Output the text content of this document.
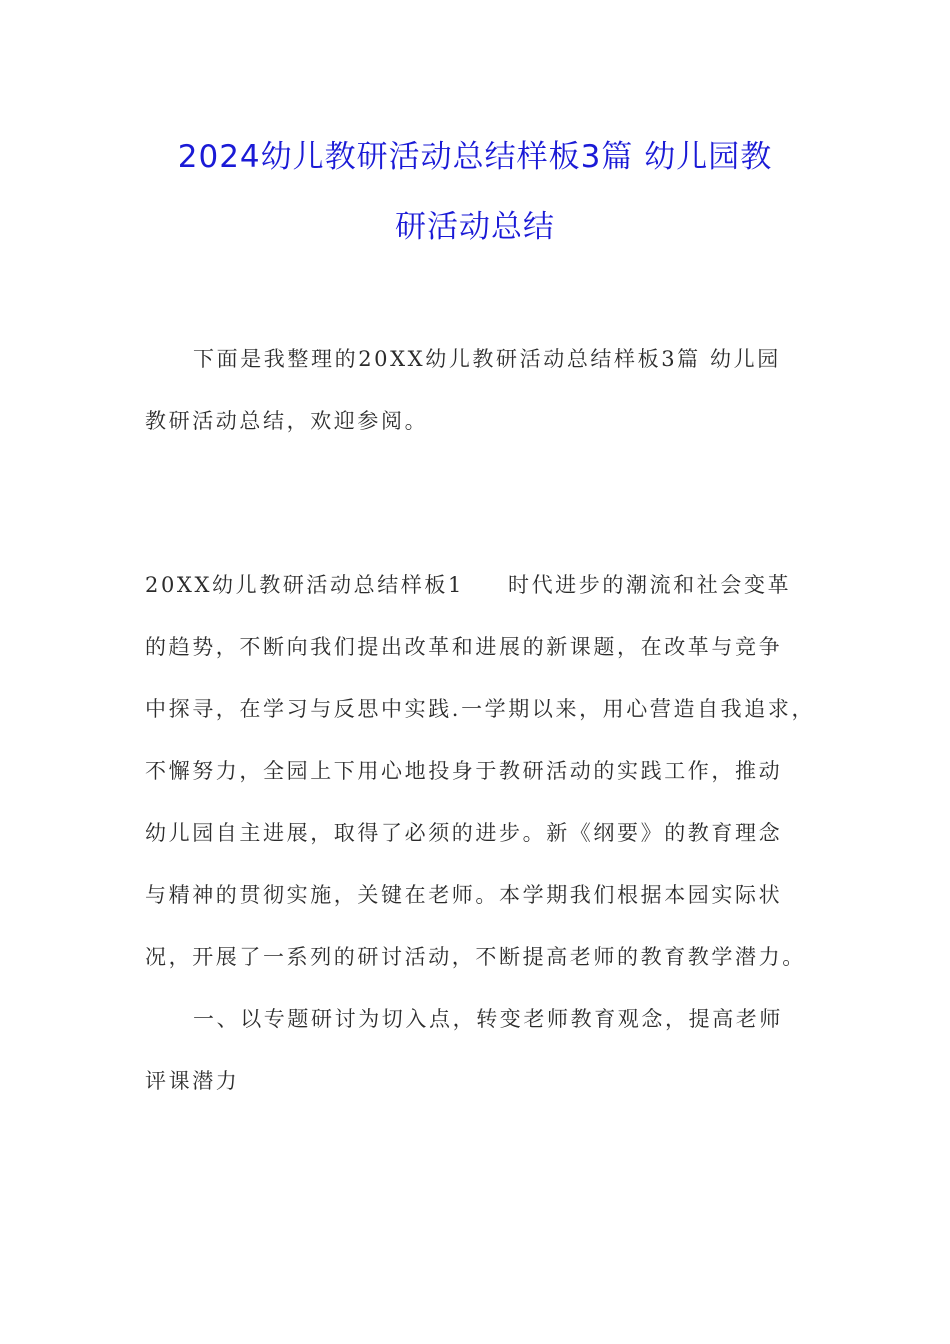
2024幼儿教研活动总结样板3篇 幼儿园教
研活动总结
下面是我整理的20XX幼儿教研活动总结样板3篇 幼儿园
教研活动总结，欢迎参阅。
20XX幼儿教研活动总结样板1 时代进步的潮流和社会变革
的趋势，不断向我们提出改革和进展的新课题，在改革与竞争
中探寻，在学习与反思中实践.一学期以来，用心营造自我追求，
不懈努力，全园上下用心地投身于教研活动的实践工作，推动
幼儿园自主进展，取得了必须的进步。新《纲要》的教育理念
与精神的贯彻实施，关键在老师。本学期我们根据本园实际状
况，开展了一系列的研讨活动，不断提高老师的教育教学潜力。
一、以专题研讨为切入点，转变老师教育观念，提高老师
评课潜力
